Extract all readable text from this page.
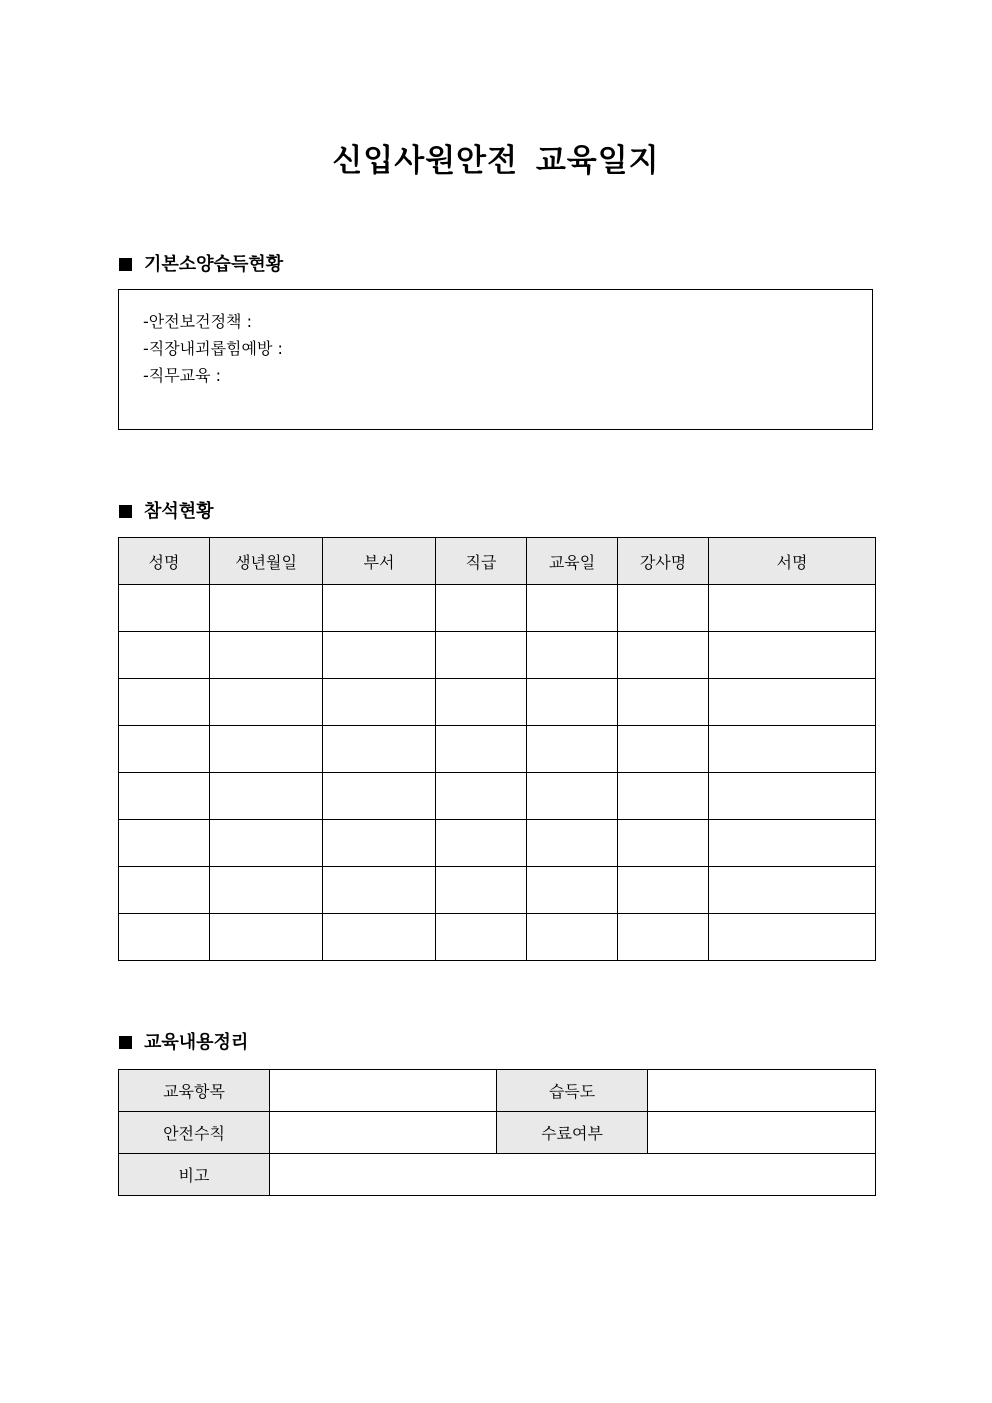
신입사원안전 교육일지
기본소양습득현황
-안전보건정책 :
-직장내괴롭힘예방 :
-직무교육 :
참석현황
성명	생년월일	부서	직급	교육일	강사명	서명

교육내용정리
교육항목		습득도	
안전수칙		수료여부	
비고			
